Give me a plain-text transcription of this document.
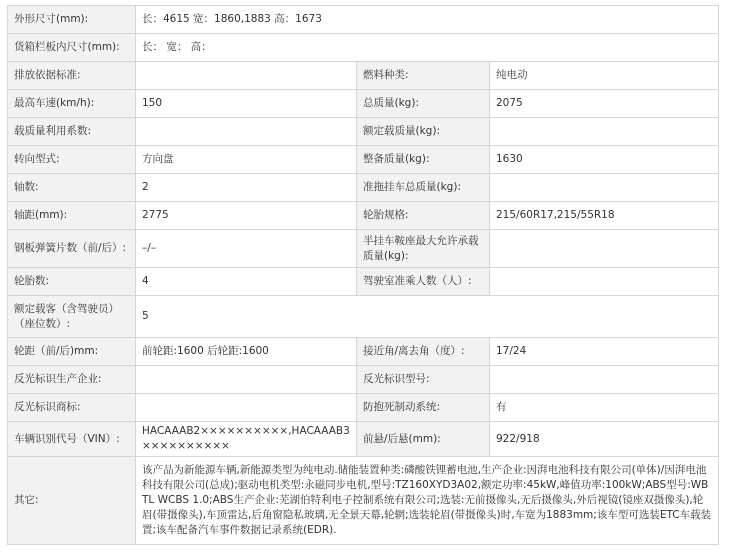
外形尺寸(mm):	长：4615 宽：1860,1883 高：1673		
货箱栏板内尺寸(mm):	长： 宽： 高：		
排放依据标准:		燃料种类:	纯电动
最高车速(km/h):	150	总质量(kg):	2075
载质量利用系数:		额定载质量(kg):	
转向型式:	方向盘	整备质量(kg):	1630
轴数:	2	准拖挂车总质量(kg):	
轴距(mm):	2775	轮胎规格:	215/60R17,215/55R18
钢板弹簧片数（前/后）:	–/–	半挂车鞍座最大允许承载质量(kg):	
轮胎数:	4	驾驶室准乘人数（人）:	
额定载客（含驾驶员）（座位数）:	5		
轮距（前/后)mm:	前轮距:1600 后轮距:1600	接近角/离去角（度）:	17/24
反光标识生产企业:		反光标识型号:	
反光标识商标:		防抱死制动系统:	有
车辆识别代号（VIN）:	HACAAAB2××××××××××,HACAAAB3××××××××××	前悬/后悬(mm):	922/918
其它:	该产品为新能源车辆,新能源类型为纯电动.储能装置种类:磷酸铁锂蓄电池,生产企业:因湃电池科技有限公司(单体)/因湃电池科技有限公司(总成);驱动电机类型:永磁同步电机,型号:TZ160XYD3A02,额定功率:45kW,峰值功率:100kW;ABS型号:WBTL WCBS 1.0;ABS生产企业:芜湖伯特利电子控制系统有限公司;选装:无前摄像头,无后摄像头,外后视镜(镜座双摄像头),轮眉(带摄像头),车顶雷达,后角窗隐私玻璃,无全景天幕,轮辋;选装轮眉(带摄像头)时,车宽为1883mm;该车型可选装ETC车载装置;该车配备汽车事件数据记录系统(EDR).		
